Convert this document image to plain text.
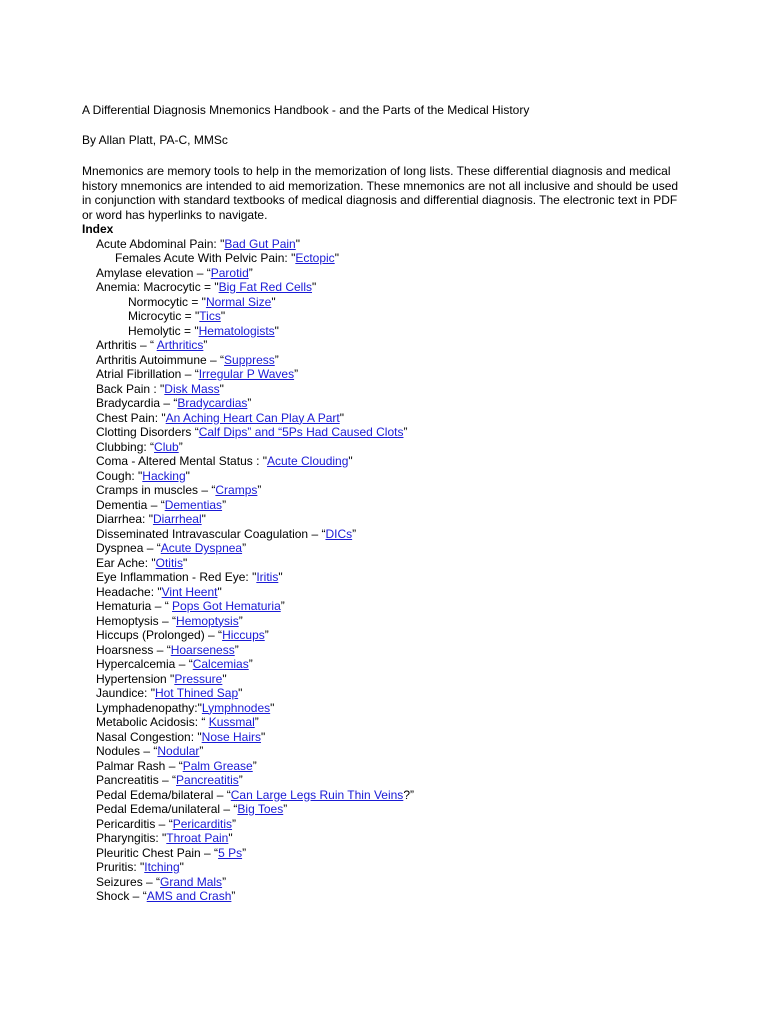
A Differential Diagnosis Mnemonics Handbook - and the Parts of the Medical History

By Allan Platt, PA-C, MMSc
Mnemonics are memory tools to help in the memorization of long lists. These differential diagnosis and medical history mnemonics are intended to aid memorization. These mnemonics are not all inclusive and should be used in conjunction with standard textbooks of medical diagnosis and differential diagnosis. The electronic text in PDF or word has hyperlinks to navigate.
Index
Acute Abdominal Pain: "Bad Gut Pain"
Females Acute With Pelvic Pain: "Ectopic"
Amylase elevation – “Parotid”
Anemia: Macrocytic = "Big Fat Red Cells"
Normocytic = "Normal Size"
Microcytic = "Tics"
Hemolytic = "Hematologists"
Arthritis – “ Arthritics”
Arthritis Autoimmune – “Suppress”
Atrial Fibrillation – “Irregular P Waves”
Back Pain : "Disk Mass"
Bradycardia – “Bradycardias”
Chest Pain: "An Aching Heart Can Play A Part"
Clotting Disorders “Calf Dips” and “5Ps Had Caused Clots”
Clubbing: “Club”
Coma - Altered Mental Status : "Acute Clouding"
Cough: "Hacking"
Cramps in muscles – “Cramps”
Dementia – “Dementias”
Diarrhea: "Diarrheal"
Disseminated Intravascular Coagulation – “DICs”
Dyspnea – “Acute Dyspnea”
Ear Ache: "Otitis"
Eye Inflammation - Red Eye: "Iritis"
Headache: "Vint Heent"
Hematuria – “ Pops Got Hematuria”
Hemoptysis – “Hemoptysis”
Hiccups (Prolonged) – “Hiccups”
Hoarsness – “Hoarseness”
Hypercalcemia – “Calcemias”
Hypertension "Pressure"
Jaundice: "Hot Thined Sap"
Lymphadenopathy:"Lymphnodes"
Metabolic Acidosis: “ Kussmal”
Nasal Congestion: "Nose Hairs"
Nodules – “Nodular”
Palmar Rash – “Palm Grease”
Pancreatitis – “Pancreatitis”
Pedal Edema/bilateral – “Can Large Legs Ruin Thin Veins?”
Pedal Edema/unilateral – “Big Toes”
Pericarditis – “Pericarditis”
Pharyngitis: "Throat Pain"
Pleuritic Chest Pain – “5 Ps”
Pruritis: "Itching"
Seizures – “Grand Mals”
Shock – “AMS and Crash”
